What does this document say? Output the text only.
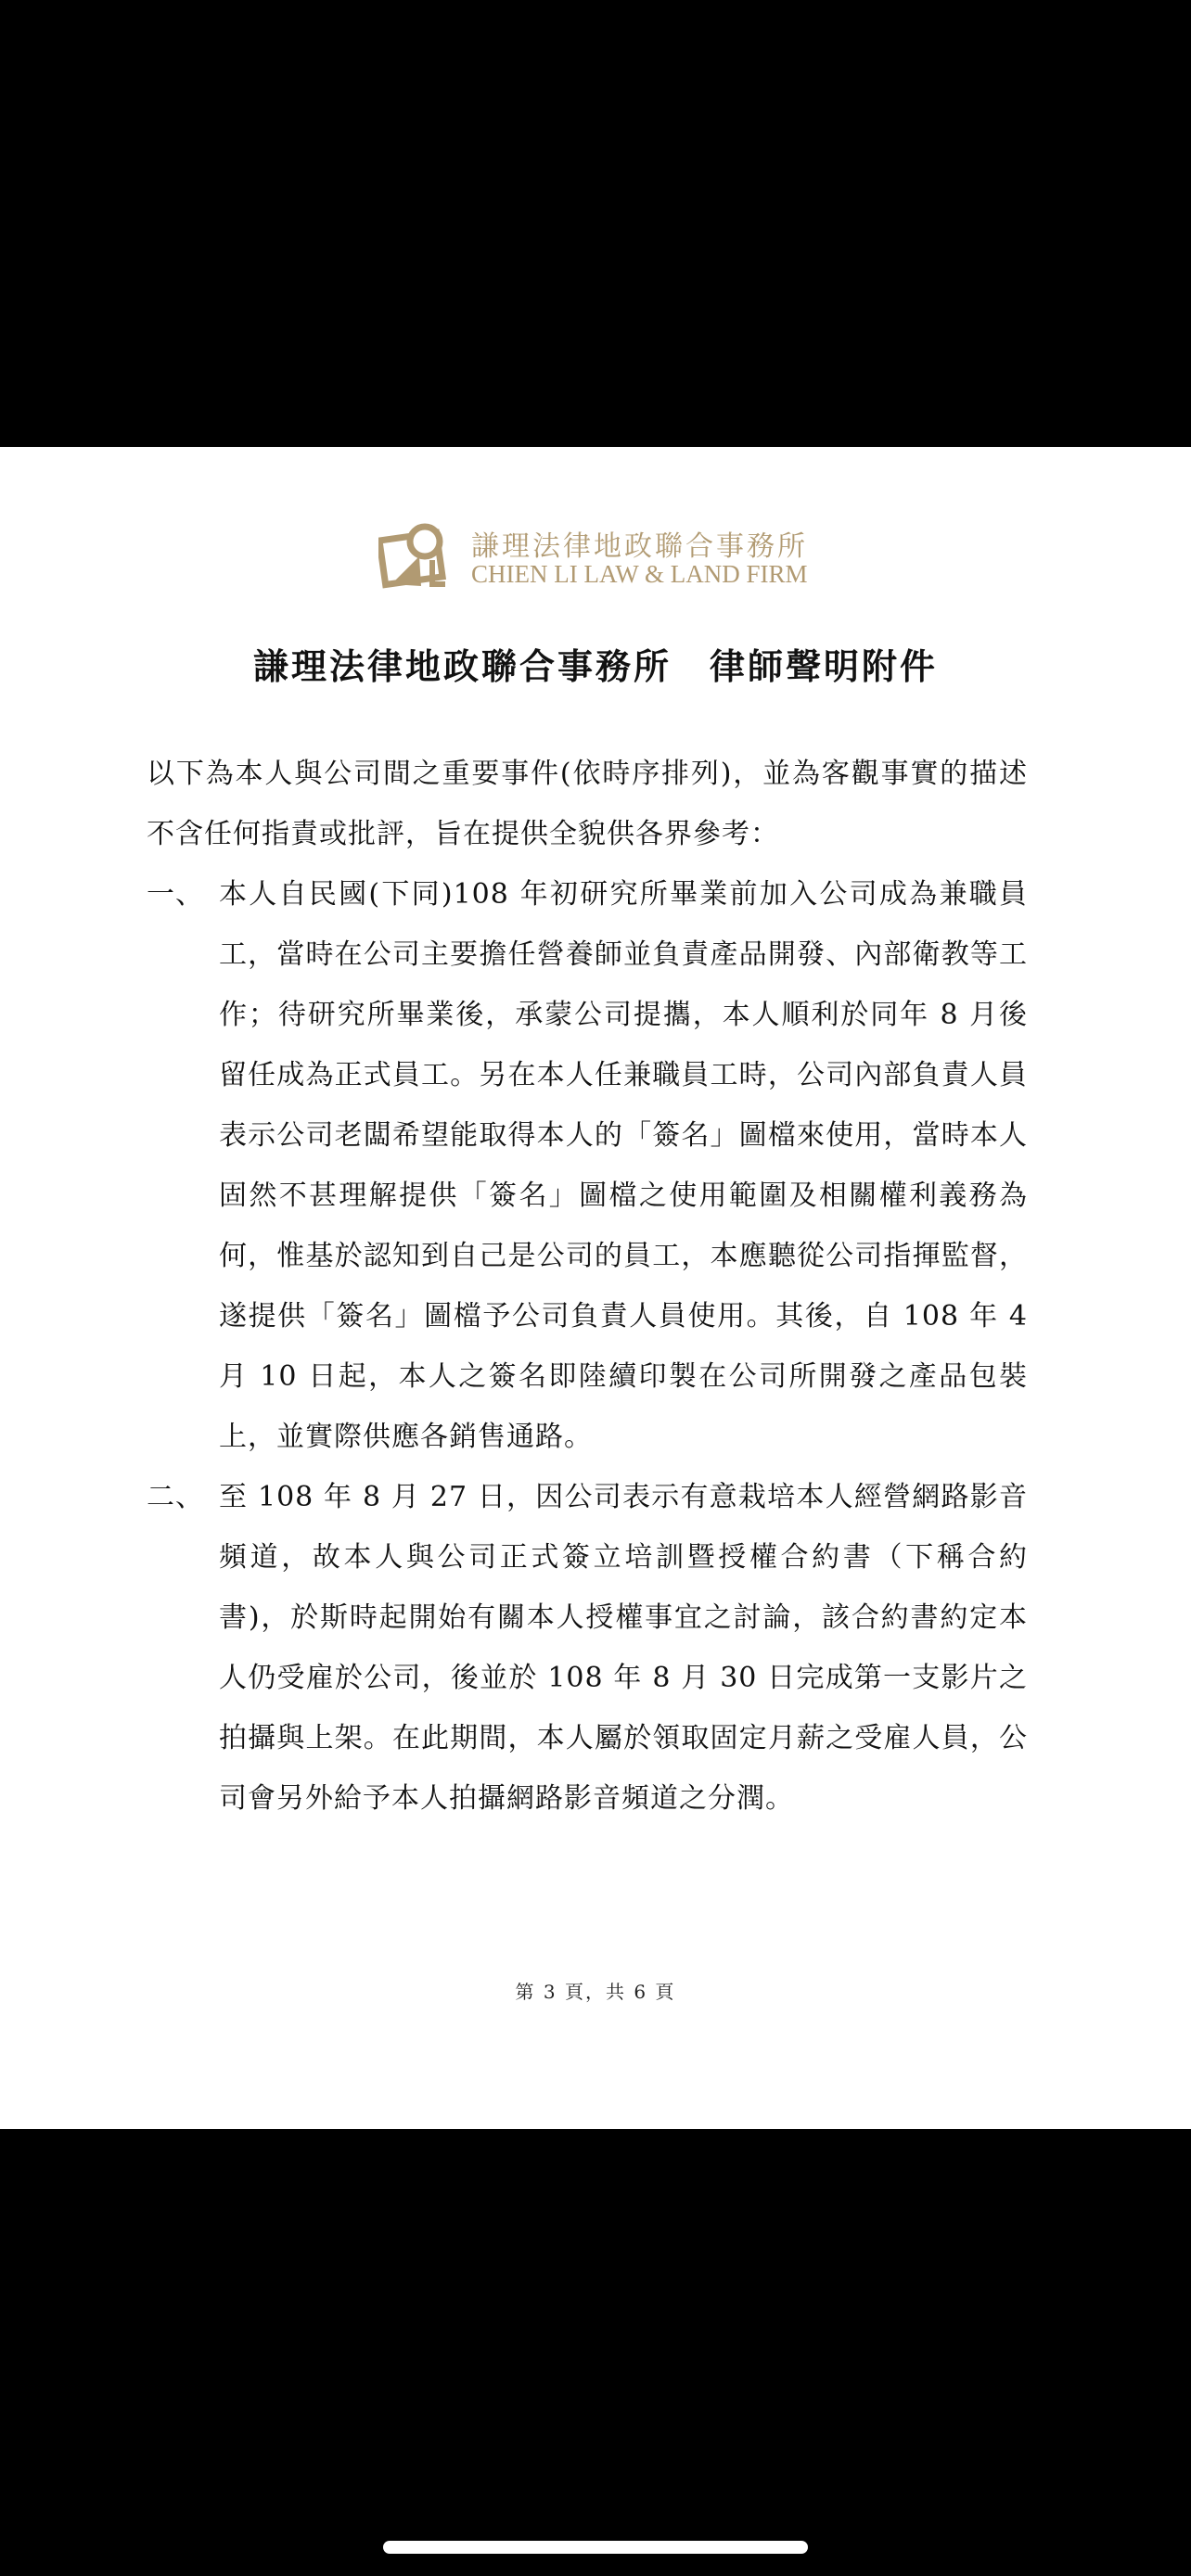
謙理法律地政聯合事務所
CHIEN LI LAW & LAND FIRM
謙理法律地政聯合事務所　律師聲明附件

以下為本人與公司間之重要事件(依時序排列)，並為客觀事實的描述不含任何指責或批評，旨在提供全貌供各界參考：

一、 本人自民國(下同)108 年初研究所畢業前加入公司成為兼職員工，當時在公司主要擔任營養師並負責產品開發、內部衛教等工作；待研究所畢業後，承蒙公司提攜，本人順利於同年 8 月後留任成為正式員工。另在本人任兼職員工時，公司內部負責人員表示公司老闆希望能取得本人的「簽名」圖檔來使用，當時本人固然不甚理解提供「簽名」圖檔之使用範圍及相關權利義務為何，惟基於認知到自己是公司的員工，本應聽從公司指揮監督，遂提供「簽名」圖檔予公司負責人員使用。其後，自 108 年 4 月 10 日起，本人之簽名即陸續印製在公司所開發之產品包裝上，並實際供應各銷售通路。
二、 至 108 年 8 月 27 日，因公司表示有意栽培本人經營網路影音頻道，故本人與公司正式簽立培訓暨授權合約書（下稱合約書)，於斯時起開始有關本人授權事宜之討論，該合約書約定本人仍受雇於公司，後並於 108 年 8 月 30 日完成第一支影片之拍攝與上架。在此期間，本人屬於領取固定月薪之受雇人員，公司會另外給予本人拍攝網路影音頻道之分潤。
第 3 頁，共 6 頁
